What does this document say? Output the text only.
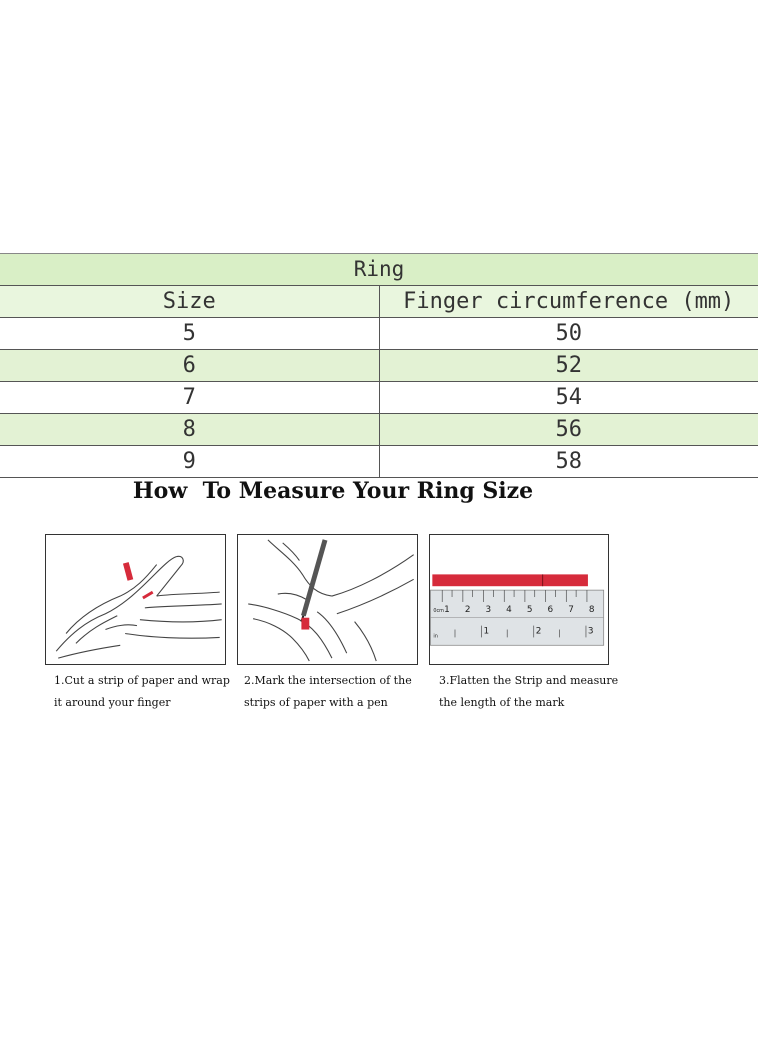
Ring	
Size	Finger circumference (mm)
5	50
6	52
7	54
8	56
9	58
How  To Measure Your Ring Size
0cm 1 2 3 4 5 6 7 8
in	1	2	3
1.Cut a strip of paper and wrap
it around your finger
2.Mark the intersection of the
strips of paper with a pen
3.Flatten the Strip and measure
the length of the mark
